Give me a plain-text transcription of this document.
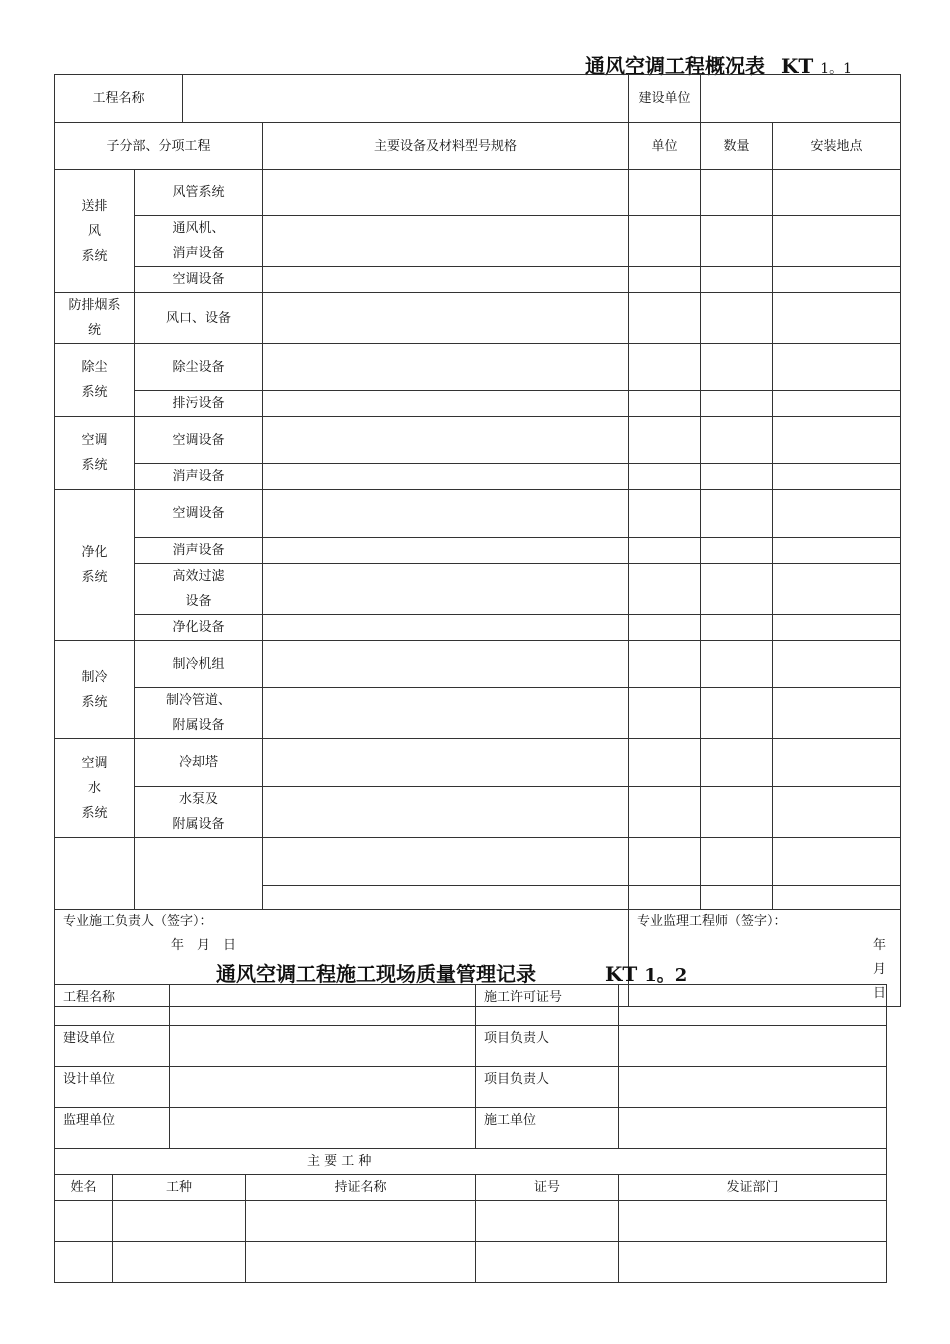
通风空调工程概况表 KT 1。1
工程名称				建设单位		
子分部、分项工程			主要设备及材料型号规格	单位	数量	安装地点

送排
风
系统	风管系统					

	通风机、
消声设备					

	空调设备					

防排烟系
统	风口、设备					

除尘
系统	除尘设备					
	排污设备					

空调
系统	空调设备					
	消声设备					

净化
系统	空调设备					
	消声设备					

	高效过滤
设备					

	净化设备					

制冷
系统	制冷机组					

	制冷管道、
附属设备					

空调
水
系统	冷却塔					

	水泵及
附属设备					

专业施工负责人（签字）：
年　月　日				专业监理工程师（签字）：
年　月　日		
通风空调工程施工现场质量管理记录	KT 1。2
工程名称				施工许可证号	
建设单位				项目负责人	
设计单位				项目负责人	
监理单位				施工单位	
主 要 工 种					
姓名	工种		持证名称	证号	发证部门
